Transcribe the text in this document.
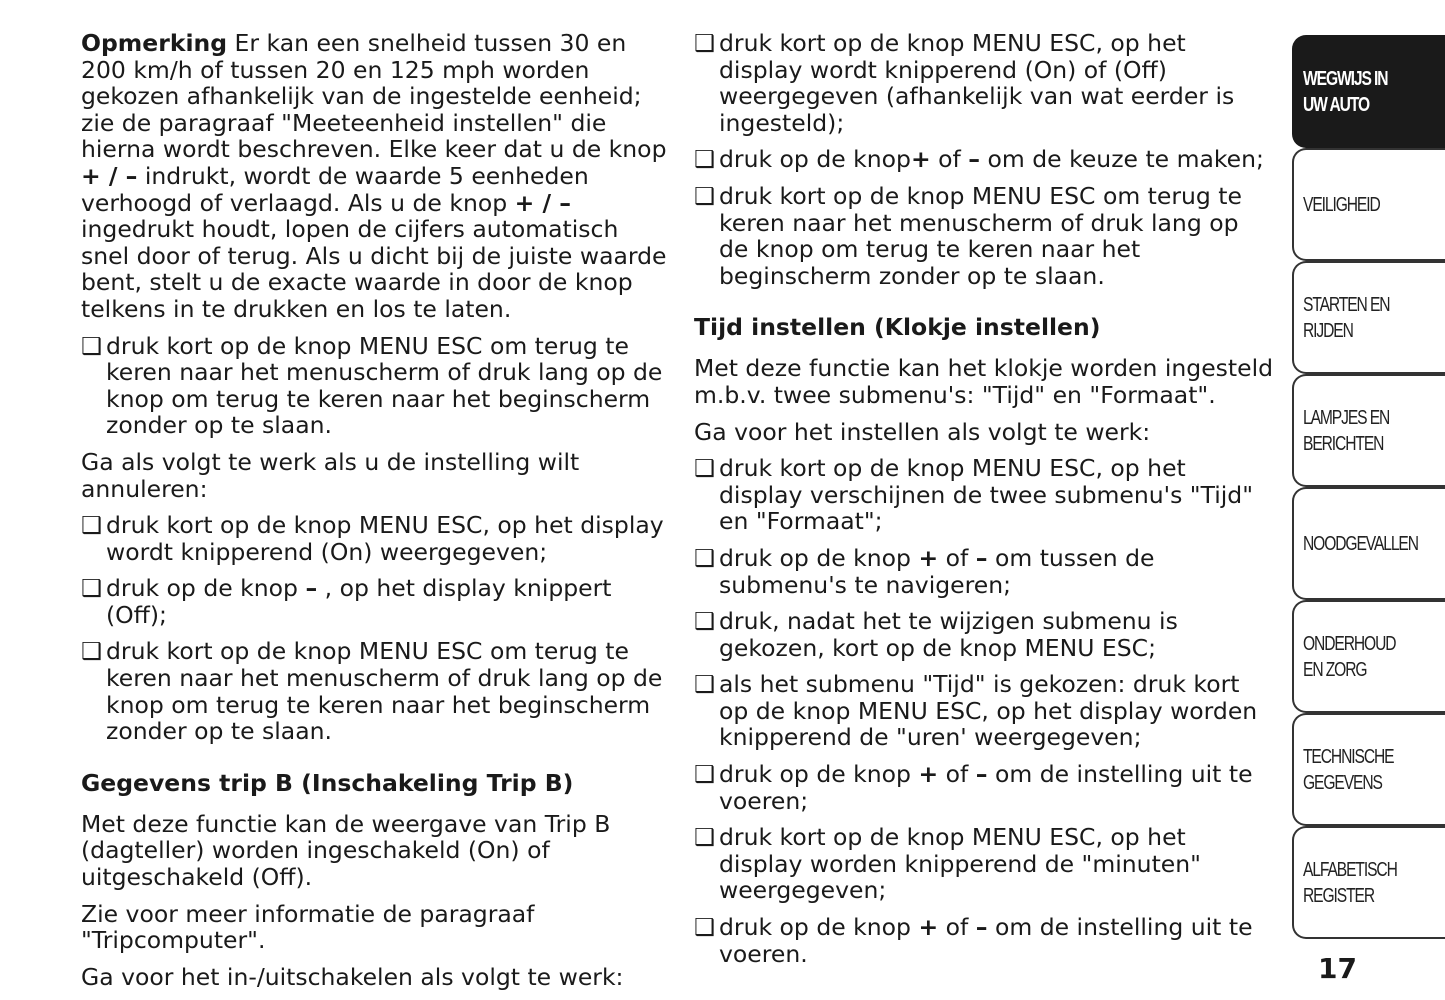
Opmerking Er kan een snelheid tussen 30 en 200 km/h of tussen 20 en 125 mph worden gekozen afhankelijk van de ingestelde eenheid; zie de paragraaf "Meeteenheid instellen" die hierna wordt beschreven. Elke keer dat u de knop + / – indrukt, wordt de waarde 5 eenheden verhoogd of verlaagd. Als u de knop + / – ingedrukt houdt, lopen de cijfers automatisch snel door of terug. Als u dicht bij de juiste waarde bent, stelt u de exacte waarde in door de knop telkens in te drukken en los te laten.

❑ druk kort op de knop MENU ESC om terug te keren naar het menuscherm of druk lang op de knop om terug te keren naar het beginscherm zonder op te slaan.

Ga als volgt te werk als u de instelling wilt annuleren:

❑ druk kort op de knop MENU ESC, op het display wordt knipperend (On) weergegeven;
❑ druk op de knop – , op het display knippert (Off);
❑ druk kort op de knop MENU ESC om terug te keren naar het menuscherm of druk lang op de knop om terug te keren naar het beginscherm zonder op te slaan.
Gegevens trip B (Inschakeling Trip B)

Met deze functie kan de weergave van Trip B (dagteller) worden ingeschakeld (On) of uitgeschakeld (Off).

Zie voor meer informatie de paragraaf "Tripcomputer".

Ga voor het in-/uitschakelen als volgt te werk:

❑ druk kort op de knop MENU ESC, op het display wordt knipperend (On) of (Off) weergegeven (afhankelijk van wat eerder is ingesteld);
❑ druk op de knop+ of – om de keuze te maken;
❑ druk kort op de knop MENU ESC om terug te keren naar het menuscherm of druk lang op de knop om terug te keren naar het beginscherm zonder op te slaan.
Tijd instellen (Klokje instellen)

Met deze functie kan het klokje worden ingesteld m.b.v. twee submenu's: "Tijd" en "Formaat".

Ga voor het instellen als volgt te werk:

❑ druk kort op de knop MENU ESC, op het display verschijnen de twee submenu's "Tijd" en "Formaat";
❑ druk op de knop + of – om tussen de submenu's te navigeren;
❑ druk, nadat het te wijzigen submenu is gekozen, kort op de knop MENU ESC;
❑ als het submenu "Tijd" is gekozen: druk kort op de knop MENU ESC, op het display worden knipperend de "uren' weergegeven;
❑ druk op de knop + of – om de instelling uit te voeren;
❑ druk kort op de knop MENU ESC, op het display worden knipperend de "minuten" weergegeven;
❑ druk op de knop + of – om de instelling uit te voeren.
WEGWIJS IN UW AUTO
VEILIGHEID
STARTEN EN RIJDEN
LAMPJES EN BERICHTEN
NOODGEVALLEN
ONDERHOUD EN ZORG
TECHNISCHE GEGEVENS
ALFABETISCH REGISTER
17
